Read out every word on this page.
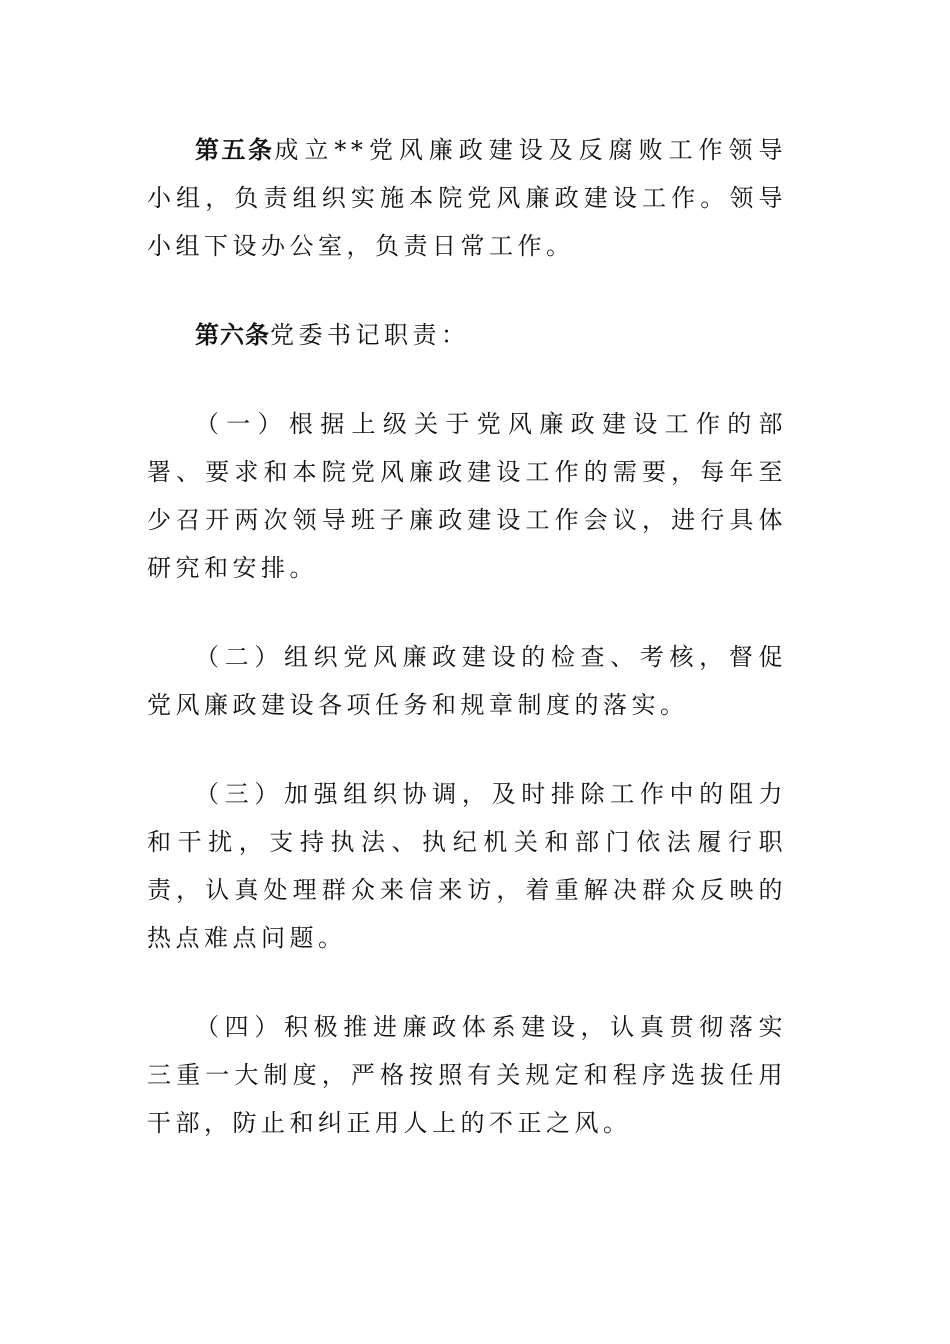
第五条成立**党风廉政建设及反腐败工作领导小组，负责组织实施本院党风廉政建设工作。领导小组下设办公室，负责日常工作。

第六条党委书记职责：

（一）根据上级关于党风廉政建设工作的部署、要求和本院党风廉政建设工作的需要，每年至少召开两次领导班子廉政建设工作会议，进行具体研究和安排。

（二）组织党风廉政建设的检查、考核，督促党风廉政建设各项任务和规章制度的落实。

（三）加强组织协调，及时排除工作中的阻力和干扰，支持执法、执纪机关和部门依法履行职责，认真处理群众来信来访，着重解决群众反映的热点难点问题。

（四）积极推进廉政体系建设，认真贯彻落实三重一大制度，严格按照有关规定和程序选拔任用干部，防止和纠正用人上的不正之风。
